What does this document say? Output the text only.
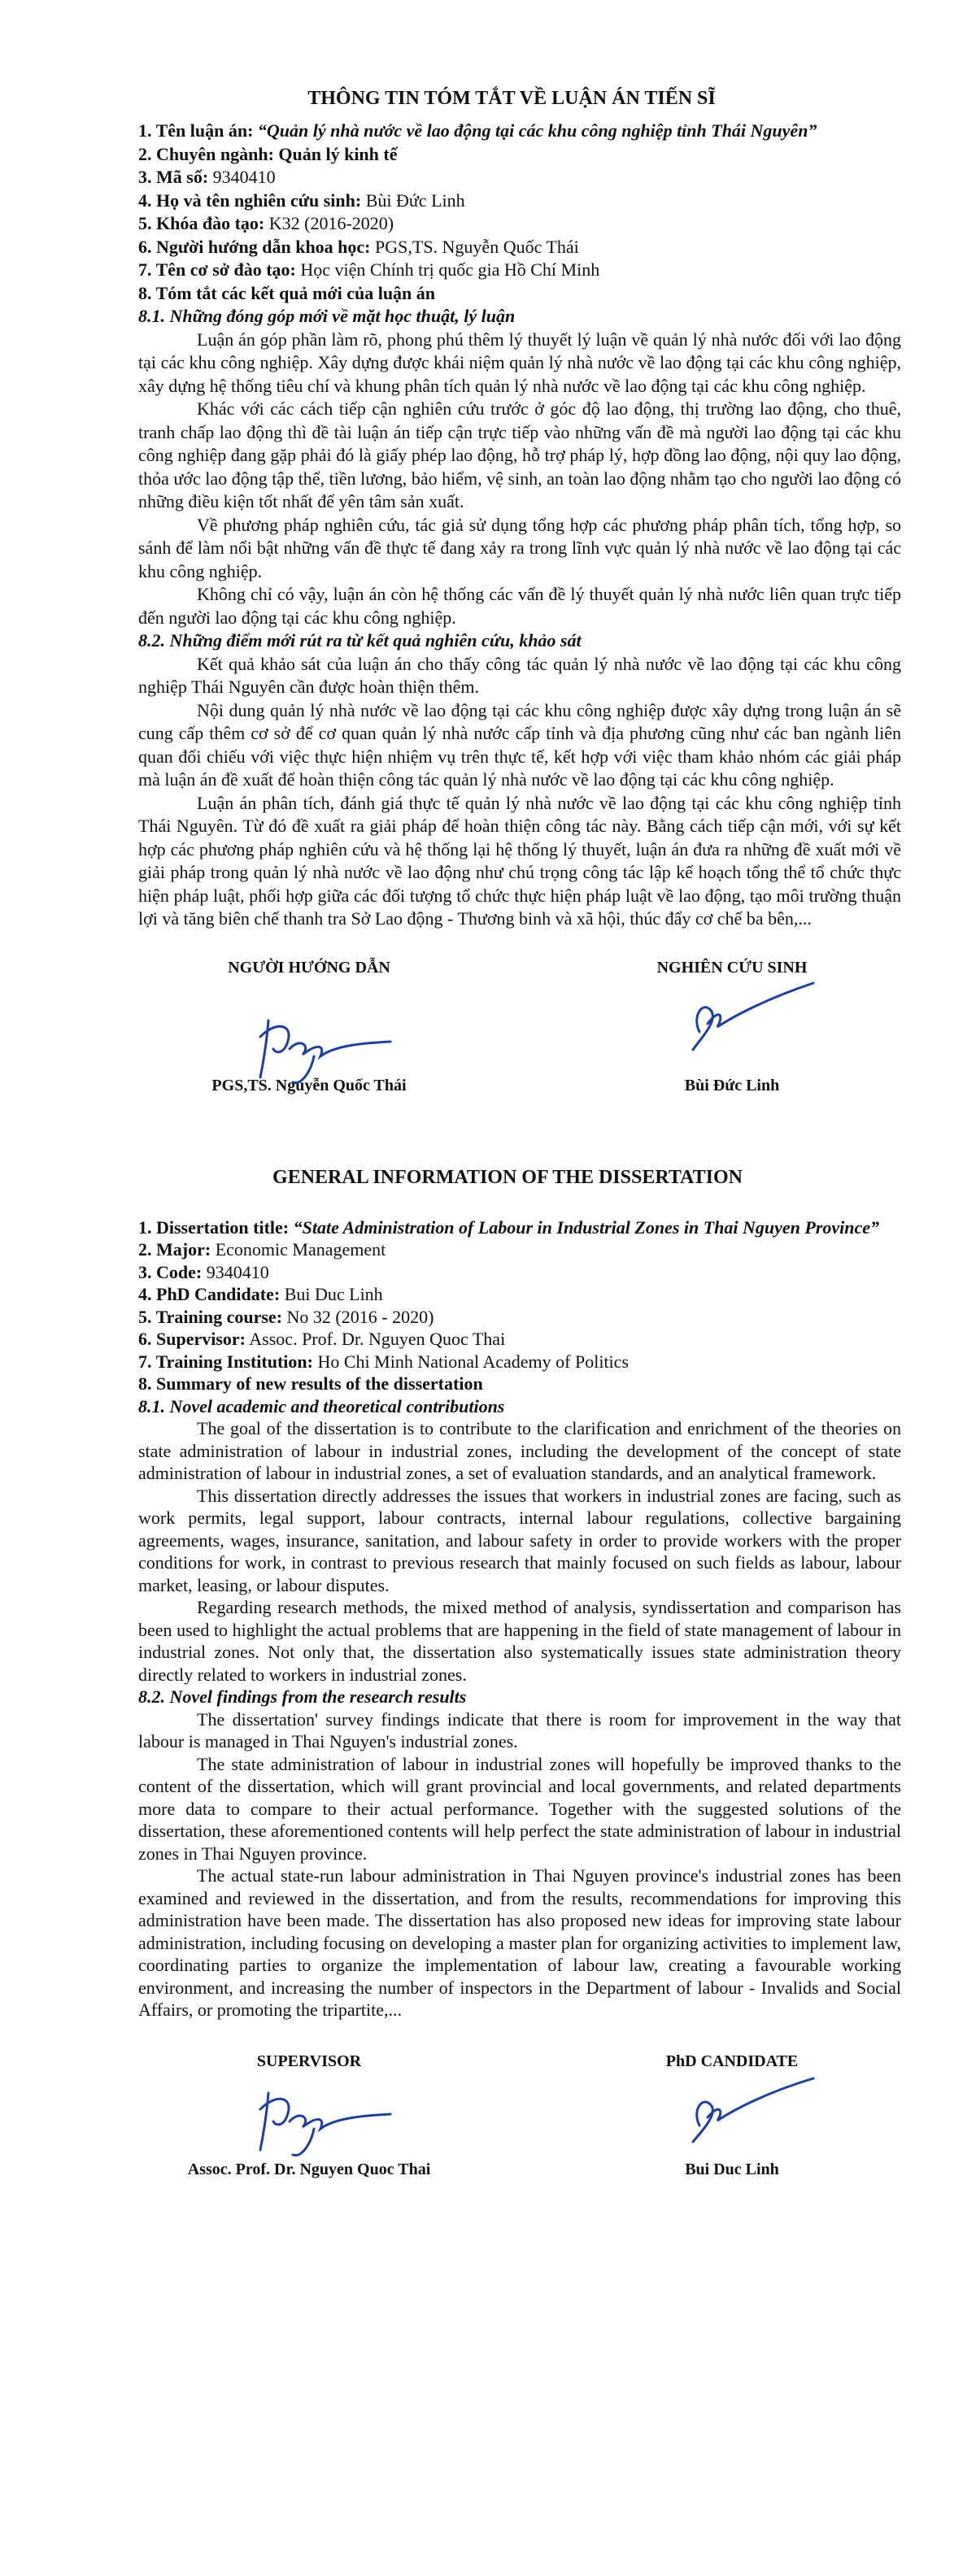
THÔNG TIN TÓM TẮT VỀ LUẬN ÁN TIẾN SĨ

1. Tên luận án: “Quản lý nhà nước về lao động tại các khu công nghiệp tỉnh Thái Nguyên”

2. Chuyên ngành: Quản lý kinh tế

3. Mã số: 9340410

4. Họ và tên nghiên cứu sinh: Bùi Đức Linh

5. Khóa đào tạo: K32 (2016-2020)

6. Người hướng dẫn khoa học: PGS,TS. Nguyễn Quốc Thái

7. Tên cơ sở đào tạo: Học viện Chính trị quốc gia Hồ Chí Minh

8. Tóm tắt các kết quả mới của luận án

8.1. Những đóng góp mới về mặt học thuật, lý luận

Luận án góp phần làm rõ, phong phú thêm lý thuyết lý luận về quản lý nhà nước đối với lao động tại các khu công nghiệp. Xây dựng được khái niệm quản lý nhà nước về lao động tại các khu công nghiệp, xây dựng hệ thống tiêu chí và khung phân tích quản lý nhà nước về lao động tại các khu công nghiệp.

Khác với các cách tiếp cận nghiên cứu trước ở góc độ lao động, thị trường lao động, cho thuê, tranh chấp lao động thì đề tài luận án tiếp cận trực tiếp vào những vấn đề mà người lao động tại các khu công nghiệp đang gặp phải đó là giấy phép lao động, hỗ trợ pháp lý, hợp đồng lao động, nội quy lao động, thỏa ước lao động tập thể, tiền lương, bảo hiểm, vệ sinh, an toàn lao động nhằm tạo cho người lao động có những điều kiện tốt nhất để yên tâm sản xuất.

Về phương pháp nghiên cứu, tác giả sử dụng tổng hợp các phương pháp phân tích, tổng hợp, so sánh để làm nổi bật những vấn đề thực tế đang xảy ra trong lĩnh vực quản lý nhà nước về lao động tại các khu công nghiệp.

Không chỉ có vậy, luận án còn hệ thống các vấn đề lý thuyết quản lý nhà nước liên quan trực tiếp đến người lao động tại các khu công nghiệp.

8.2. Những điểm mới rút ra từ kết quả nghiên cứu, khảo sát

Kết quả khảo sát của luận án cho thấy công tác quản lý nhà nước về lao động tại các khu công nghiệp Thái Nguyên cần được hoàn thiện thêm.

Nội dung quản lý nhà nước về lao động tại các khu công nghiệp được xây dựng trong luận án sẽ cung cấp thêm cơ sở để cơ quan quản lý nhà nước cấp tỉnh và địa phương cũng như các ban ngành liên quan đối chiếu với việc thực hiện nhiệm vụ trên thực tế, kết hợp với việc tham khảo nhóm các giải pháp mà luận án đề xuất để hoàn thiện công tác quản lý nhà nước về lao động tại các khu công nghiệp.

Luận án phân tích, đánh giá thực tế quản lý nhà nước về lao động tại các khu công nghiệp tỉnh Thái Nguyên. Từ đó đề xuất ra giải pháp để hoàn thiện công tác này. Bằng cách tiếp cận mới, với sự kết hợp các phương pháp nghiên cứu và hệ thống lại hệ thống lý thuyết, luận án đưa ra những đề xuất mới về giải pháp trong quản lý nhà nước về lao động như chú trọng công tác lập kế hoạch tổng thể tổ chức thực hiện pháp luật, phối hợp giữa các đối tượng tổ chức thực hiện pháp luật về lao động, tạo môi trường thuận lợi và tăng biên chế thanh tra Sở Lao động - Thương binh và xã hội, thúc đẩy cơ chế ba bên,...

NGƯỜI HƯỚNG DẪN
PGS,TS. Nguyễn Quốc Thái
NGHIÊN CỨU SINH
Bùi Đức Linh
GENERAL INFORMATION OF THE DISSERTATION

1. Dissertation title: “State Administration of Labour in Industrial Zones in Thai Nguyen Province”

2. Major: Economic Management

3. Code: 9340410

4. PhD Candidate: Bui Duc Linh

5. Training course: No 32 (2016 - 2020)

6. Supervisor: Assoc. Prof. Dr. Nguyen Quoc Thai

7. Training Institution: Ho Chi Minh National Academy of Politics

8. Summary of new results of the dissertation

8.1. Novel academic and theoretical contributions

The goal of the dissertation is to contribute to the clarification and enrichment of the theories on state administration of labour in industrial zones, including the development of the concept of state administration of labour in industrial zones, a set of evaluation standards, and an analytical framework.

This dissertation directly addresses the issues that workers in industrial zones are facing, such as work permits, legal support, labour contracts, internal labour regulations, collective bargaining agreements, wages, insurance, sanitation, and labour safety in order to provide workers with the proper conditions for work, in contrast to previous research that mainly focused on such fields as labour, labour market, leasing, or labour disputes.

Regarding research methods, the mixed method of analysis, syndissertation and comparison has been used to highlight the actual problems that are happening in the field of state management of labour in industrial zones. Not only that, the dissertation also systematically issues state administration theory directly related to workers in industrial zones.

8.2. Novel findings from the research results

The dissertation' survey findings indicate that there is room for improvement in the way that labour is managed in Thai Nguyen's industrial zones.

The state administration of labour in industrial zones will hopefully be improved thanks to the content of the dissertation, which will grant provincial and local governments, and related departments more data to compare to their actual performance. Together with the suggested solutions of the dissertation, these aforementioned contents will help perfect the state administration of labour in industrial zones in Thai Nguyen province.

The actual state-run labour administration in Thai Nguyen province's industrial zones has been examined and reviewed in the dissertation, and from the results, recommendations for improving this administration have been made. The dissertation has also proposed new ideas for improving state labour administration, including focusing on developing a master plan for organizing activities to implement law, coordinating parties to organize the implementation of labour law, creating a favourable working environment, and increasing the number of inspectors in the Department of labour - Invalids and Social Affairs, or promoting the tripartite,...

SUPERVISOR
Assoc. Prof. Dr. Nguyen Quoc Thai
PhD CANDIDATE
Bui Duc Linh
